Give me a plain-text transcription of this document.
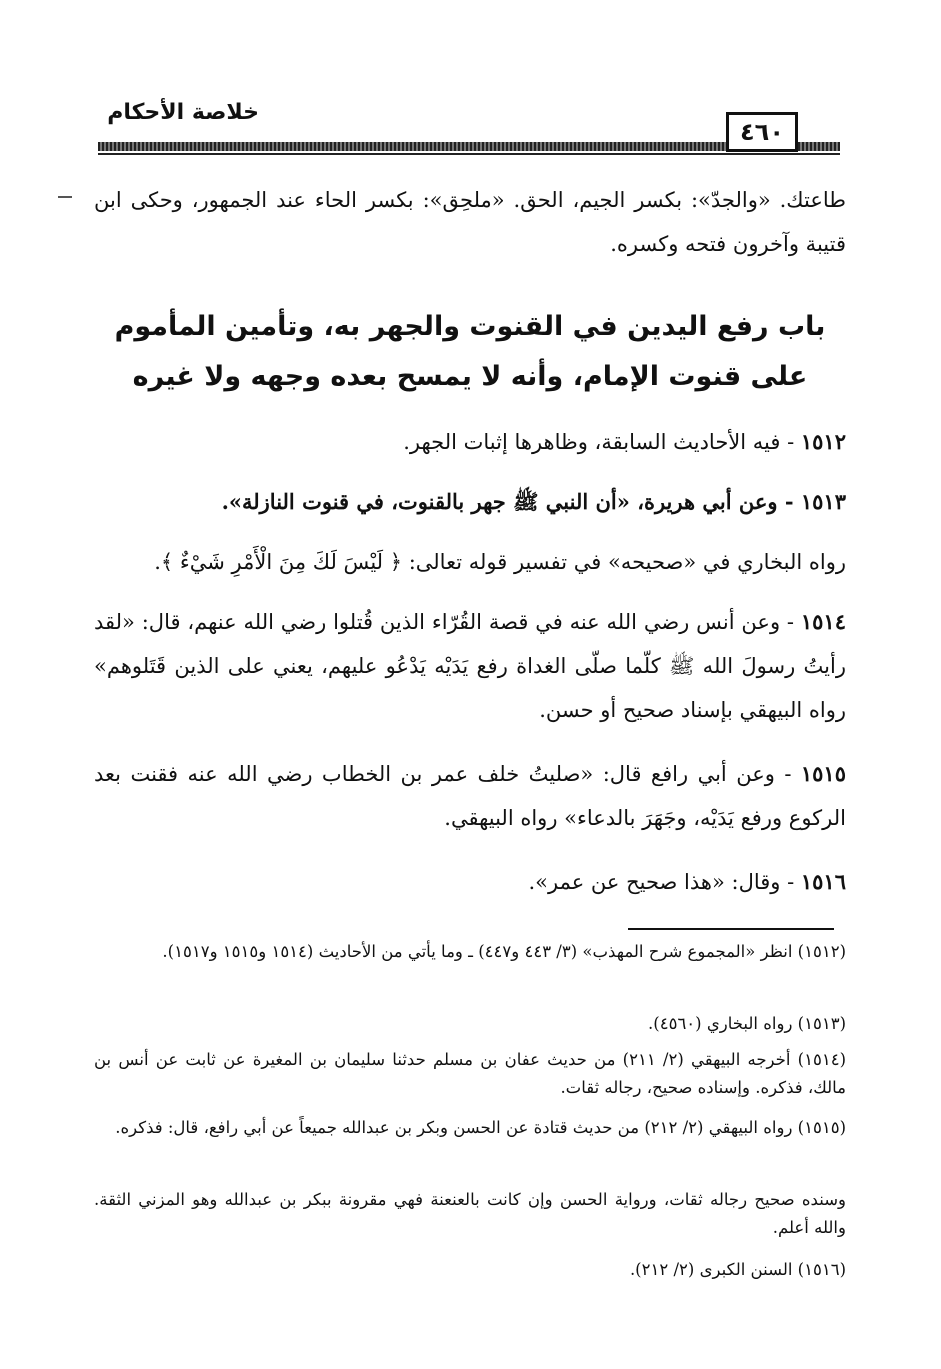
خلاصة الأحكام
٤٦٠
طاعتك. «والجدّ»: بكسر الجيم، الحق. «ملحِق»: بكسر الحاء عند الجمهور، وحكى ابن قتيبة وآخرون فتحه وكسره.
باب رفع اليدين في القنوت والجهر به، وتأمين المأموم على قنوت الإمام، وأنه لا يمسح بعده وجهه ولا غيره
١٥١٢ - فيه الأحاديث السابقة، وظاهرها إثبات الجهر.
١٥١٣ - وعن أبي هريرة، «أن النبي ﷺ جهر بالقنوت، في قنوت النازلة».
رواه البخاري في «صحيحه» في تفسير قوله تعالى: ﴿ لَيْسَ لَكَ مِنَ الْأَمْرِ شَيْءٌ ﴾.
١٥١٤ - وعن أنس رضي الله عنه في قصة القُرّاء الذين قُتلوا رضي الله عنهم، قال: «لقد رأيتُ رسولَ الله ﷺ كلّما صلّى الغداة رفع يَدَيْه يَدْعُو عليهم، يعني على الذين قَتَلوهم» رواه البيهقي بإسناد صحيح أو حسن.
١٥١٥ - وعن أبي رافع قال: «صليتُ خلف عمر بن الخطاب رضي الله عنه فقنت بعد الركوع ورفع يَدَيْه، وجَهَرَ بالدعاء» رواه البيهقي.
١٥١٦ - وقال: «هذا صحيح عن عمر».
(١٥١٢) انظر «المجموع شرح المهذب» (٣/ ٤٤٣ و٤٤٧) ـ وما يأتي من الأحاديث (١٥١٤ و١٥١٥ و١٥١٧).
(١٥١٣) رواه البخاري (٤٥٦٠).
(١٥١٤) أخرجه البيهقي (٢/ ٢١١) من حديث عفان بن مسلم حدثنا سليمان بن المغيرة عن ثابت عن أنس بن مالك، فذكره. وإسناده صحيح، رجاله ثقات.
(١٥١٥) رواه البيهقي (٢/ ٢١٢) من حديث قتادة عن الحسن وبكر بن عبدالله جميعاً عن أبي رافع، قال: فذكره.
وسنده صحيح رجاله ثقات، ورواية الحسن وإن كانت بالعنعنة فهي مقرونة ببكر بن عبدالله وهو المزني الثقة. والله أعلم.
(١٥١٦) السنن الكبرى (٢/ ٢١٢).
